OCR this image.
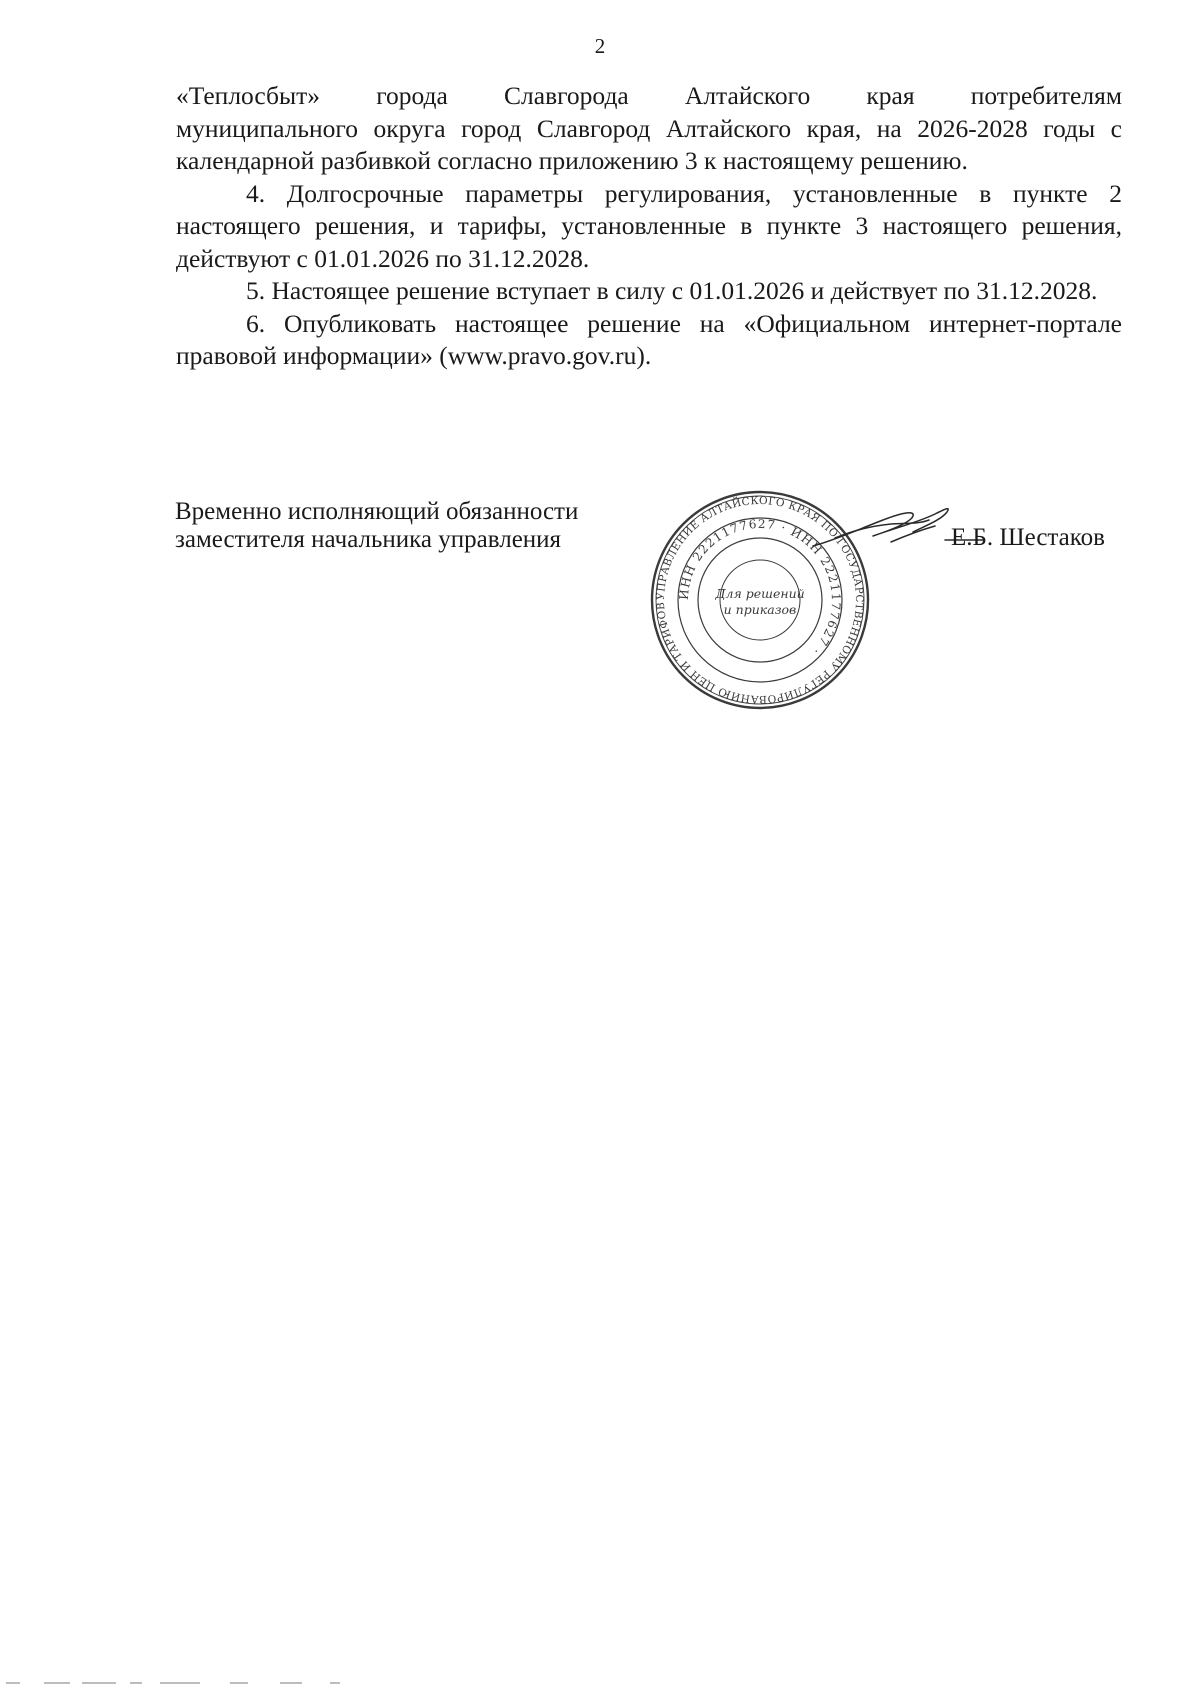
2
«Теплосбыт» города Славгорода Алтайского края потребителям

муниципального округа город Славгород Алтайского края, на 2026-2028 годы с календарной разбивкой согласно приложению 3 к настоящему решению.

4. Долгосрочные параметры регулирования, установленные в пункте 2 настоящего решения, и тарифы, установленные в пункте 3 настоящего решения, действуют с 01.01.2026 по 31.12.2028.

5. Настоящее решение вступает в силу с 01.01.2026 и действует по 31.12.2028.

6. Опубликовать настоящее решение на «Официальном интернет-портале правовой информации» (www.pravo.gov.ru).

Временно исполняющий обязанности
заместителя начальника управления
УПРАВЛЕНИЕ АЛТАЙСКОГО КРАЯ ПО ГОСУДАРСТВЕННОМУ РЕГУЛИРОВАНИЮ ЦЕН И ТАРИФОВ
ИНН 2221177627 · ИНН 2221177627 ·
Для решений
и приказов
Е.Б. Шестаков
